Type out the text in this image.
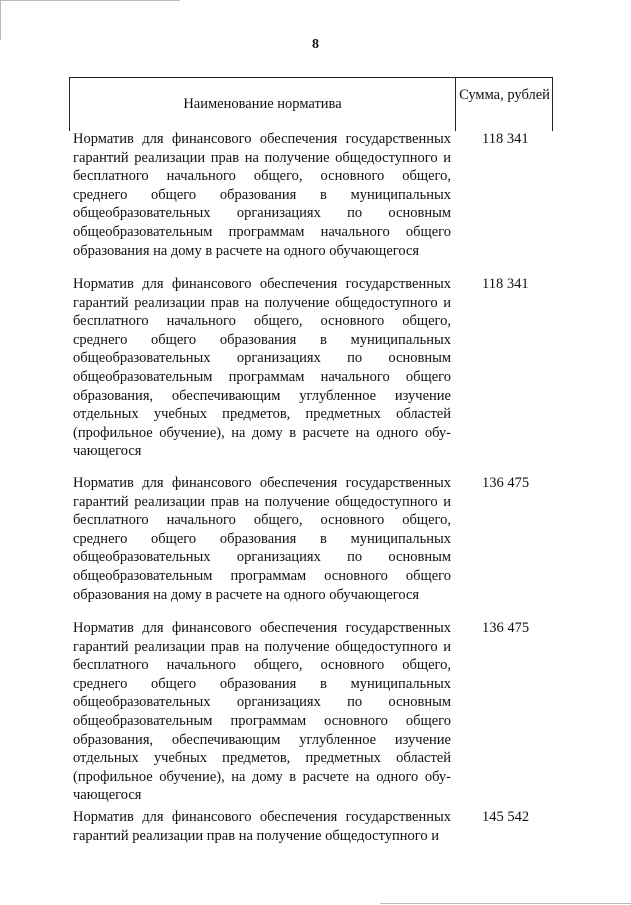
8
Наименование норматива
Сумма, рублей
Норматив для финансового обеспечения государственных гарантий реализации прав на получение общедоступного и бесплатного начального общего, основного общего, среднего общего образования в муниципальных общеобразовательных организациях по основным общеобразовательным программам начального общего образования на дому в расчете на одного обучающегося
118 341
Норматив для финансового обеспечения государственных гарантий реализации прав на получение общедоступного и бесплатного начального общего, основного общего, среднего общего образования в муниципальных общеобразовательных организациях по основным общеобразовательным программам начального общего образования, обеспечивающим углубленное изучение отдельных учебных предметов, предметных областей (профильное обучение), на дому в расчете на одного обу-чающегося
118 341
Норматив для финансового обеспечения государственных гарантий реализации прав на получение общедоступного и бесплатного начального общего, основного общего, среднего общего образования в муниципальных общеобразовательных организациях по основным общеобразовательным программам основного общего образования на дому в расчете на одного обучающегося
136 475
Норматив для финансового обеспечения государственных гарантий реализации прав на получение общедоступного и бесплатного начального общего, основного общего, среднего общего образования в муниципальных общеобразовательных организациях по основным общеобразовательным программам основного общего образования, обеспечивающим углубленное изучение отдельных учебных предметов, предметных областей (профильное обучение), на дому в расчете на одного обу-чающегося
136 475
Норматив для финансового обеспечения государственных гарантий реализации прав на получение общедоступного и
145 542
